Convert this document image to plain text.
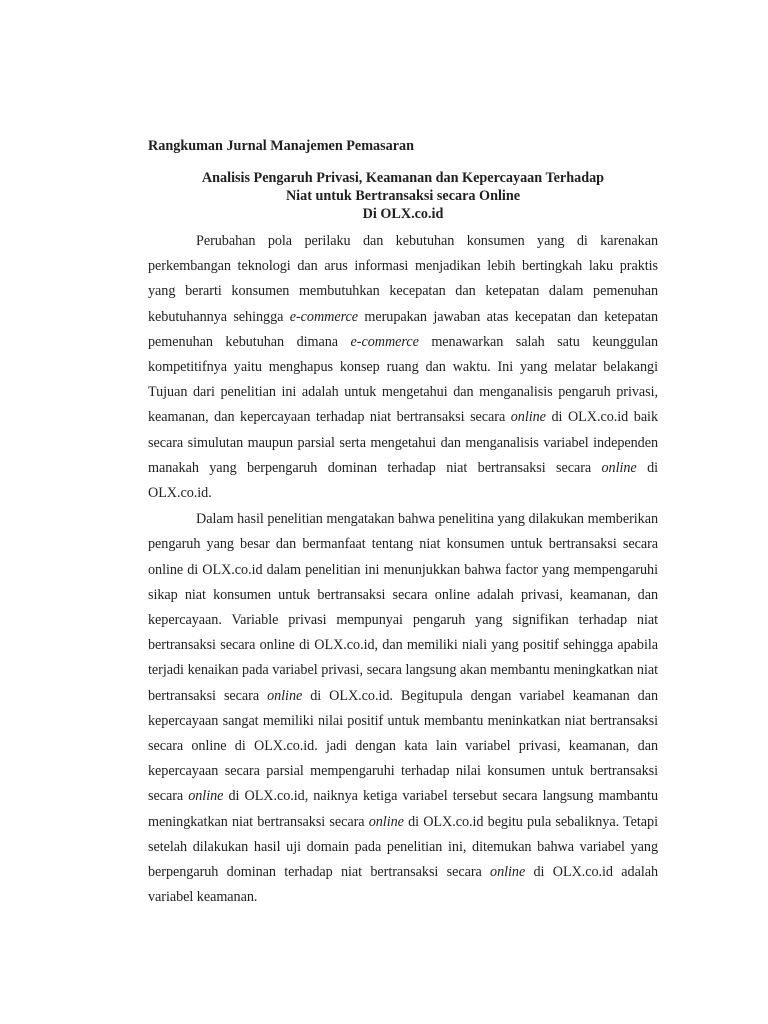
Rangkuman Jurnal Manajemen Pemasaran
Analisis Pengaruh Privasi, Keamanan dan Kepercayaan Terhadap
Niat untuk Bertransaksi secara Online
Di OLX.co.id

Perubahan pola perilaku dan kebutuhan konsumen yang di karenakan perkembangan teknologi dan arus informasi menjadikan lebih bertingkah laku praktis yang berarti konsumen membutuhkan kecepatan dan ketepatan dalam pemenuhan kebutuhannya sehingga e-commerce merupakan jawaban atas kecepatan dan ketepatan pemenuhan kebutuhan dimana e-commerce menawarkan salah satu keunggulan kompetitifnya yaitu menghapus konsep ruang dan waktu. Ini yang melatar belakangi Tujuan dari penelitian ini adalah untuk mengetahui dan menganalisis pengaruh privasi, keamanan, dan kepercayaan terhadap niat bertransaksi secara online di OLX.co.id baik secara simulutan maupun parsial serta mengetahui dan menganalisis variabel independen manakah yang berpengaruh dominan terhadap niat bertransaksi secara online di OLX.co.id.

Dalam hasil penelitian mengatakan bahwa penelitina yang dilakukan memberikan pengaruh yang besar dan bermanfaat tentang niat konsumen untuk bertransaksi secara online di OLX.co.id dalam penelitian ini menunjukkan bahwa factor yang mempengaruhi sikap niat konsumen untuk bertransaksi secara online adalah privasi, keamanan, dan kepercayaan. Variable privasi mempunyai pengaruh yang signifikan terhadap niat bertransaksi secara online di OLX.co.id, dan memiliki niali yang positif sehingga apabila terjadi kenaikan pada variabel privasi, secara langsung akan membantu meningkatkan niat bertransaksi secara online di OLX.co.id. Begitupula dengan variabel keamanan dan kepercayaan sangat memiliki nilai positif untuk membantu meninkatkan niat bertransaksi secara online di OLX.co.id. jadi dengan kata lain variabel privasi, keamanan, dan kepercayaan secara parsial mempengaruhi terhadap nilai konsumen untuk bertransaksi secara online di OLX.co.id, naiknya ketiga variabel tersebut secara langsung mambantu meningkatkan niat bertransaksi secara online di OLX.co.id begitu pula sebaliknya. Tetapi setelah dilakukan hasil uji domain pada penelitian ini, ditemukan bahwa variabel yang berpengaruh dominan terhadap niat bertransaksi secara online di OLX.co.id adalah variabel keamanan.
